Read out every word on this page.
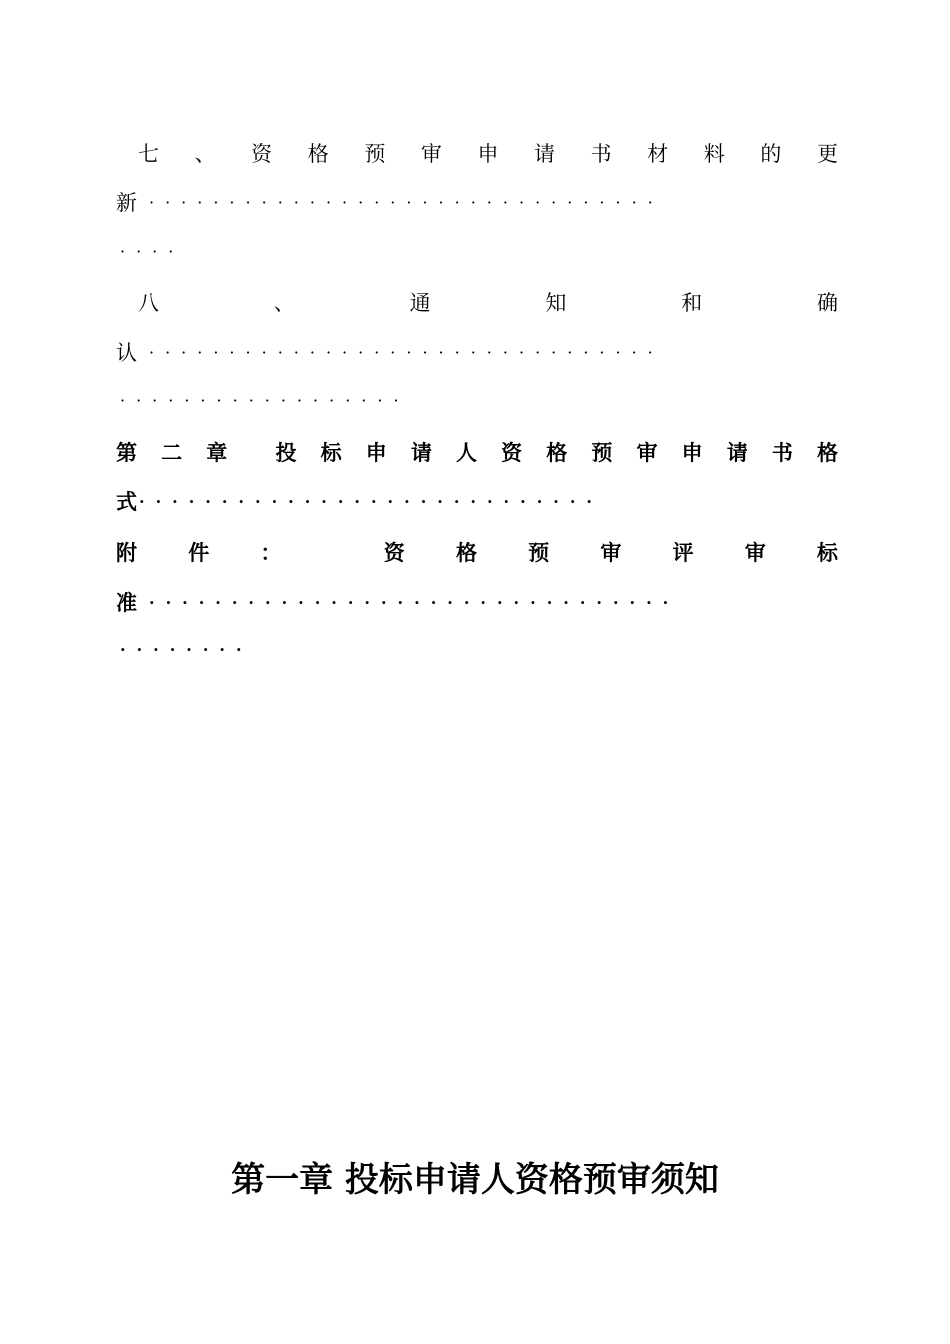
七 、 资 格 预 审 申 请 书 材 料 的 更
新 ································
····
八	、	通	知	和	确
认 ································
··················
第 二 章 投 标 申 请 人 资 格 预 审 申 请 书 格
式 ····························
附 件 ：	资 格 预 审 评 审 标
准 ································
········
第一章 投标申请人资格预审须知
